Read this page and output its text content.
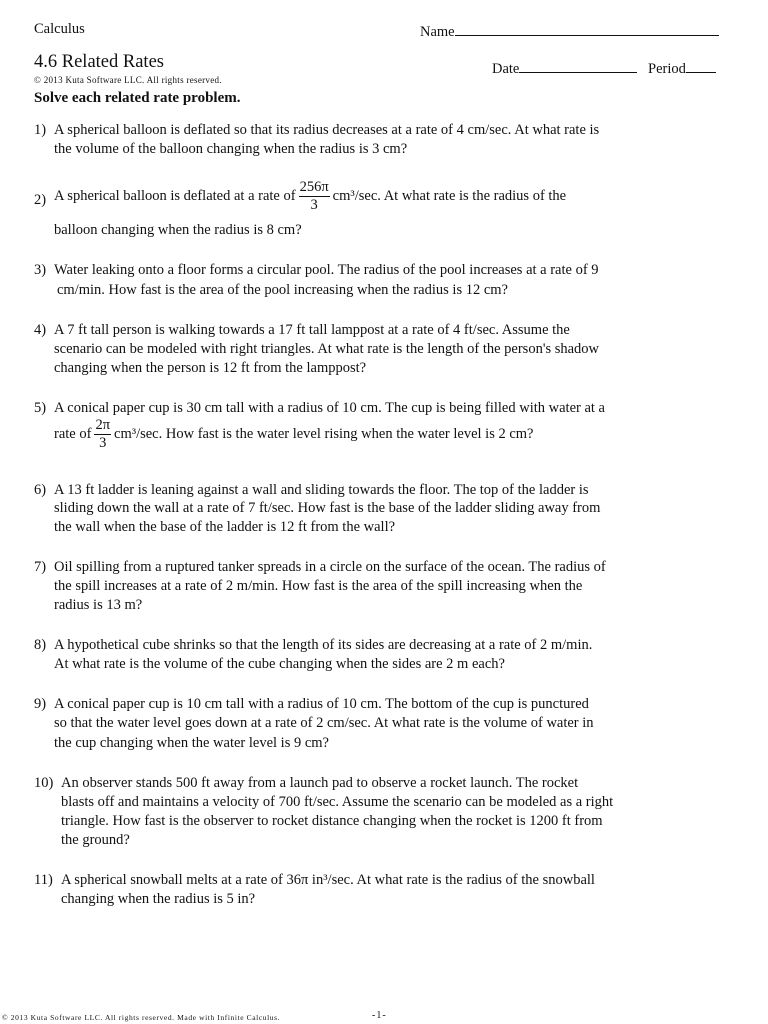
Calculus	Name
4.6 Related Rates	Date	Period
© 2013 Kuta Software LLC. All rights reserved.
Solve each related rate problem.
1) A spherical balloon is deflated so that its radius decreases at a rate of 4 cm/sec. At what rate is
the volume of the balloon changing when the radius is 3 cm?
2) A spherical balloon is deflated at a rate of $\frac{256\pi}{3} cm^3/\sec$. At what rate is the radius of the
balloon changing when the radius is 8 cm?
3) Water leaking onto a floor forms a circular pool. The radius of the pool increases at a rate of 9
cm/min. How fast is the area of the pool increasing when the radius is 12 cm?
4) A 7 ft tall person is walking towards a 17 ft tall lamppost at a rate of 4 ft/sec. Assume the
scenario can be modeled with right triangles. At what rate is the length of the person's shadow
changing when the person is 12 ft from the lamppost?
5) A conical paper cup is 30 cm tall with a radius of 10 cm. The cup is being filled with water at a
rate of $\frac{2\pi}{3} cm^3/\sec$. How fast is the water level rising when the water level is 2 cm?
6) A 13 ft ladder is leaning against a wall and sliding towards the floor. The top of the ladder is
sliding down the wall at a rate of 7 ft/sec. How fast is the base of the ladder sliding away from
the wall when the base of the ladder is 12 ft from the wall?
7) Oil spilling from a ruptured tanker spreads in a circle on the surface of the ocean. The radius of
the spill increases at a rate of 2 m/min. How fast is the area of the spill increasing when the
radius is 13 m?
8) A hypothetical cube shrinks so that the length of its sides are decreasing at a rate of 2 m/min.
At what rate is the volume of the cube changing when the sides are 2 m each?
9) A conical paper cup is 10 cm tall with a radius of 10 cm. The bottom of the cup is punctured
so that the water level goes down at a rate of 2 cm/sec. At what rate is the volume of water in
the cup changing when the water level is 9 cm?
10) An observer stands 500 ft away from a launch pad to observe a rocket launch. The rocket
blasts off and maintains a velocity of 700 ft/sec. Assume the scenario can be modeled as a right
triangle. How fast is the observer to rocket distance changing when the rocket is 1200 ft from
the ground?
11) A spherical snowball melts at a rate of 36π in³/sec. At what rate is the radius of the snowball
changing when the radius is 5 in?
© 2013 Kuta Software LLC. All rights reserved. Made with Infinite Calculus.	-1-
